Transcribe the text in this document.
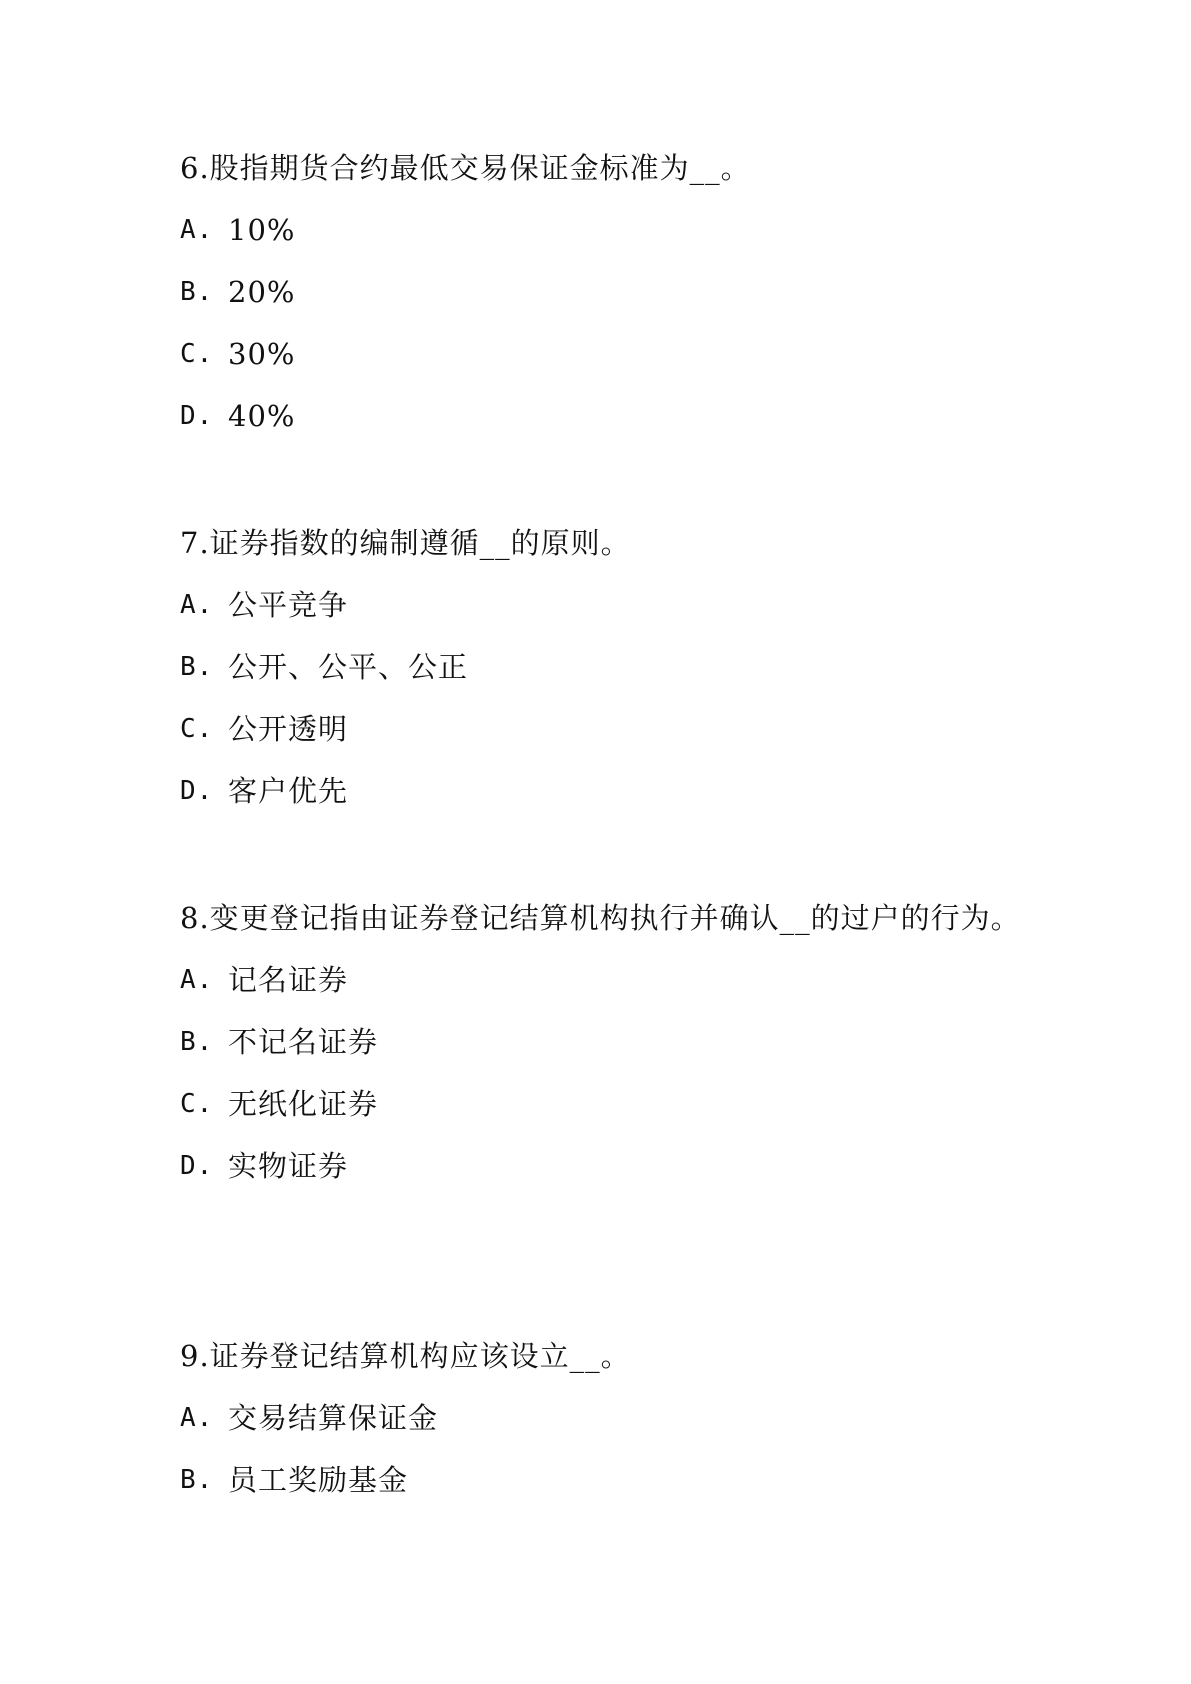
6.股指期货合约最低交易保证金标准为__。

A. 10%
B. 20%
C. 30%
D. 40%

7.证券指数的编制遵循__的原则。

A. 公平竞争
B. 公开、公平、公正
C. 公开透明
D. 客户优先

8.变更登记指由证券登记结算机构执行并确认__的过户的行为。

A. 记名证券
B. 不记名证券
C. 无纸化证券
D. 实物证券

9.证券登记结算机构应该设立__。

A. 交易结算保证金
B. 员工奖励基金
